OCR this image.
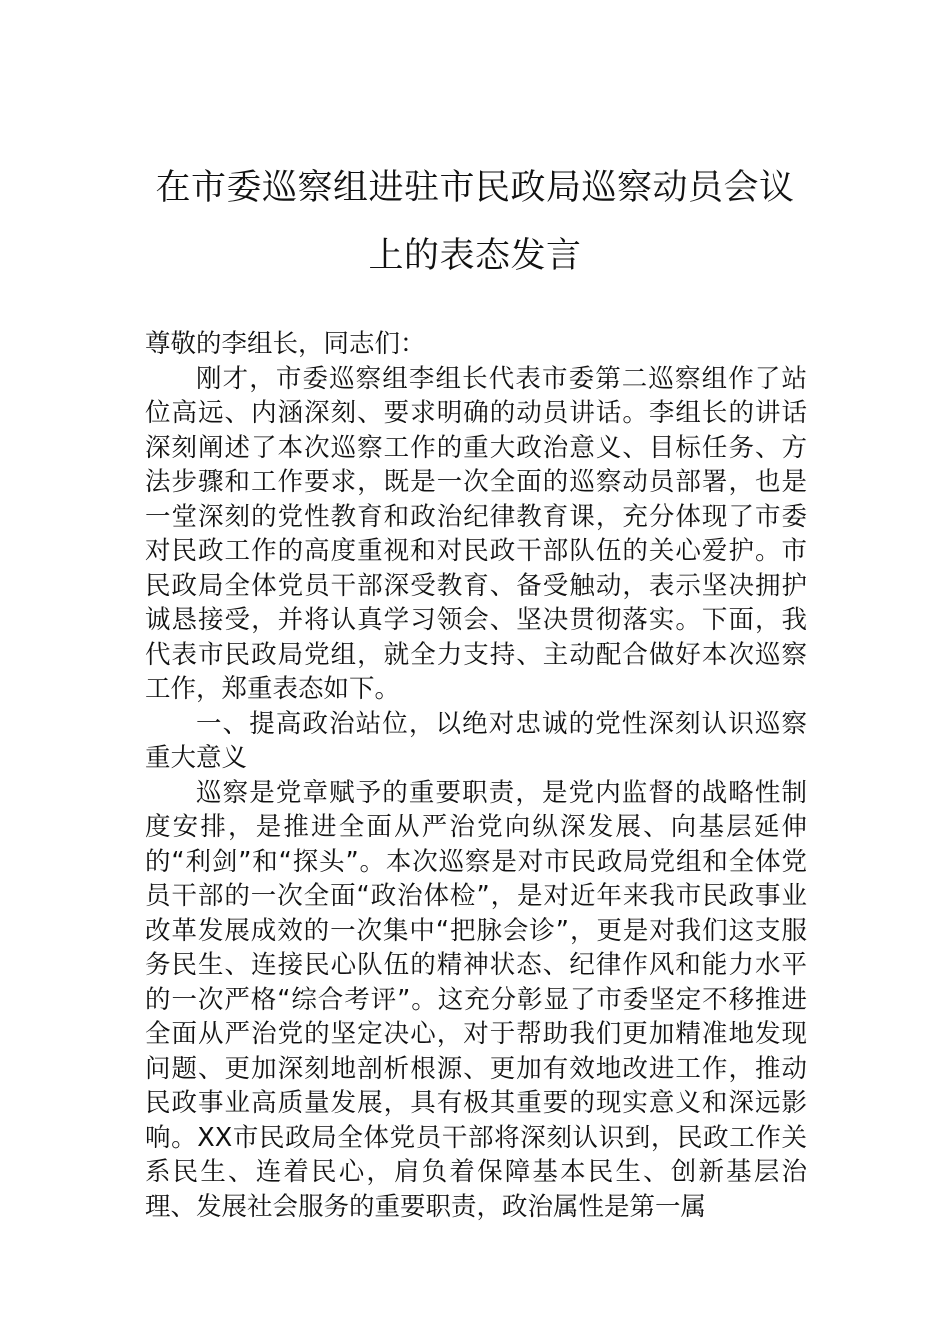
在市委巡察组进驻市民政局巡察动员会议
上的表态发言

尊敬的李组长，同志们：

刚才，市委巡察组李组长代表市委第二巡察组作了站位高远、内涵深刻、要求明确的动员讲话。李组长的讲话深刻阐述了本次巡察工作的重大政治意义、目标任务、方法步骤和工作要求，既是一次全面的巡察动员部署，也是一堂深刻的党性教育和政治纪律教育课，充分体现了市委对民政工作的高度重视和对民政干部队伍的关心爱护。市民政局全体党员干部深受教育、备受触动，表示坚决拥护诚恳接受，并将认真学习领会、坚决贯彻落实。下面，我代表市民政局党组，就全力支持、主动配合做好本次巡察工作，郑重表态如下。

一、提高政治站位，以绝对忠诚的党性深刻认识巡察重大意义

巡察是党章赋予的重要职责，是党内监督的战略性制度安排，是推进全面从严治党向纵深发展、向基层延伸的“利剑”和“探头”。本次巡察是对市民政局党组和全体党员干部的一次全面“政治体检”，是对近年来我市民政事业改革发展成效的一次集中“把脉会诊”，更是对我们这支服务民生、连接民心队伍的精神状态、纪律作风和能力水平的一次严格“综合考评”。这充分彰显了市委坚定不移推进全面从严治党的坚定决心，对于帮助我们更加精准地发现问题、更加深刻地剖析根源、更加有效地改进工作，推动民政事业高质量发展，具有极其重要的现实意义和深远影响。XX市民政局全体党员干部将深刻认识到，民政工作关系民生、连着民心，肩负着保障基本民生、创新基层治理、发展社会服务的重要职责，政治属性是第一属
